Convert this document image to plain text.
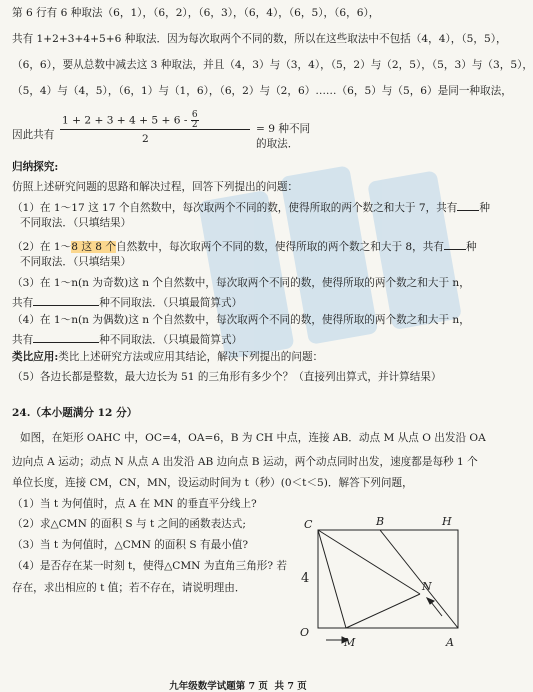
第 6 行有 6 种取法（6，1），（6，2），（6，3），（6，4），（6，5），（6，6），
共有 1+2+3+4+5+6 种取法．因为每次取两个不同的数，所以在这些取法中不包括（4，4），（5，5），
（6，6），要从总数中减去这 3 种取法，并且（4，3）与（3，4），（5，2）与（2，5），（5，3）与（3，5），
（5，4）与（4，5），（6，1）与（1，6），（6，2）与（2，6）……（6，5）与（5，6）是同一种取法，
因此共有
$1 + 2 + 3 + 4 + 5 + 6 - \frac{6}{2}$
2
= 9 种不同的取法．
归纳探究:
仿照上述研究问题的思路和解决过程，回答下列提出的问题：
（1）在 1～17 这 17 个自然数中，每次取两个不同的数，使得所取的两个数之和大于 7，共有 种
不同取法．（只填结果）
（2）在 1～8 这 8 个自然数中，每次取两个不同的数，使得所取的两个数之和大于 8，共有 种
不同取法．（只填结果）
（3）在 1～n(n 为奇数)这 n 个自然数中，每次取两个不同的数，使得所取的两个数之和大于 n，
共有	种不同取法．（只填最简算式）
（4）在 1～n(n 为偶数)这 n 个自然数中，每次取两个不同的数，使得所取的两个数之和大于 n，
共有	种不同取法．（只填最简算式）
类比应用:类比上述研究方法或应用其结论，解决下列提出的问题：
（5）各边长都是整数，最大边长为 51 的三角形有多少个？（直接列出算式，并计算结果）
24.（本小题满分 12 分）
如图，在矩形 OAHC 中，OC=4，OA=6，B 为 CH 中点，连接 AB．动点 M 从点 O 出发沿 OA
边向点 A 运动；动点 N 从点 A 出发沿 AB 边向点 B 运动，两个动点同时出发，速度都是每秒 1 个
单位长度，连接 CM，CN，MN，设运动时间为 t（秒）(0＜t＜5)．解答下列问题，
（1）当 t 为何值时，点 A 在 MN 的垂直平分线上?
（2）求△CMN 的面积 S 与 t 之间的函数表达式;
（3）当 t 为何值时，△CMN 的面积 S 有最小值?
（4）是否存在某一时刻 t，使得△CMN 为直角三角形? 若
存在，求出相应的 t 值；若不存在，请说明理由．
C	B	H
N
O
M	A
4
九年级数学试题第 7 页  共 7 页
